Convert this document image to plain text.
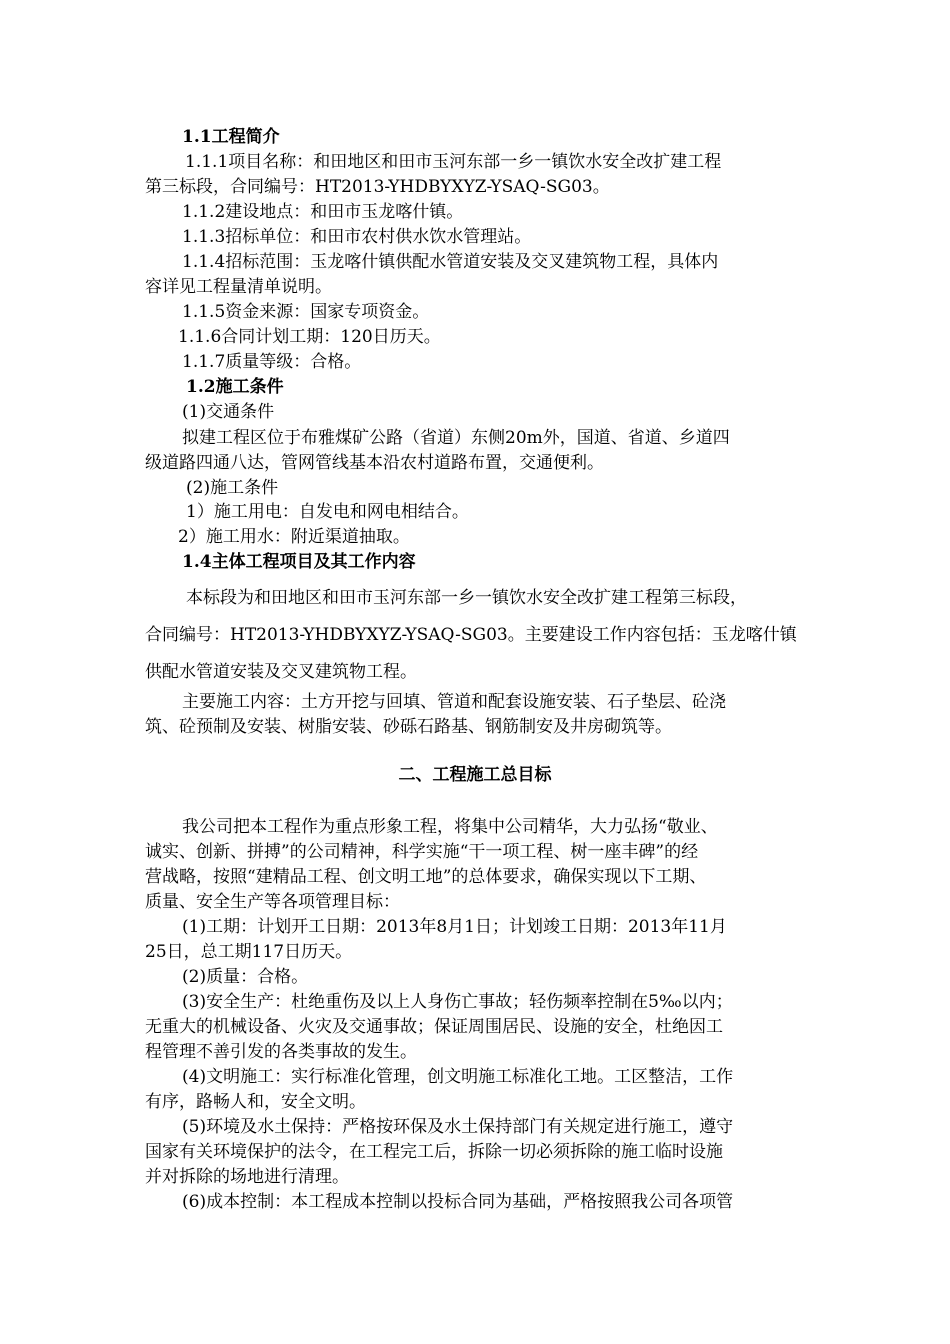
1.1工程简介
1.1.1项目名称：和田地区和田市玉河东部一乡一镇饮水安全改扩建工程
第三标段，合同编号：HT2013-YHDBYXYZ-YSAQ-SG03。
1.1.2建设地点：和田市玉龙喀什镇。
1.1.3招标单位：和田市农村供水饮水管理站。
1.1.4招标范围：玉龙喀什镇供配水管道安装及交叉建筑物工程，具体内
容详见工程量清单说明。
1.1.5资金来源：国家专项资金。
1.1.6合同计划工期：120日历天。
1.1.7质量等级：合格。
1.2施工条件
(1)交通条件
拟建工程区位于布雅煤矿公路（省道）东侧20m外，国道、省道、乡道四
级道路四通八达，管网管线基本沿农村道路布置，交通便利。
(2)施工条件
1）施工用电：自发电和网电相结合。
2）施工用水：附近渠道抽取。
1.4主体工程项目及其工作内容
本标段为和田地区和田市玉河东部一乡一镇饮水安全改扩建工程第三标段，
合同编号：HT2013-YHDBYXYZ-YSAQ-SG03。主要建设工作内容包括：玉龙喀什镇
供配水管道安装及交叉建筑物工程。
主要施工内容：土方开挖与回填、管道和配套设施安装、石子垫层、砼浇
筑、砼预制及安装、树脂安装、砂砾石路基、钢筋制安及井房砌筑等。
二、工程施工总目标
我公司把本工程作为重点形象工程，将集中公司精华，大力弘扬“敬业、
诚实、创新、拼搏”的公司精神，科学实施“干一项工程、树一座丰碑”的经
营战略，按照“建精品工程、创文明工地”的总体要求，确保实现以下工期、
质量、安全生产等各项管理目标：
(1)工期：计划开工日期：2013年8月1日；计划竣工日期：2013年11月
25日，总工期117日历天。
(2)质量：合格。
(3)安全生产：杜绝重伤及以上人身伤亡事故；轻伤频率控制在5‰以内；
无重大的机械设备、火灾及交通事故；保证周围居民、设施的安全，杜绝因工
程管理不善引发的各类事故的发生。
(4)文明施工：实行标准化管理，创文明施工标准化工地。工区整洁，工作
有序，路畅人和，安全文明。
(5)环境及水土保持：严格按环保及水土保持部门有关规定进行施工，遵守
国家有关环境保护的法令，在工程完工后，拆除一切必须拆除的施工临时设施
并对拆除的场地进行清理。
(6)成本控制：本工程成本控制以投标合同为基础，严格按照我公司各项管
